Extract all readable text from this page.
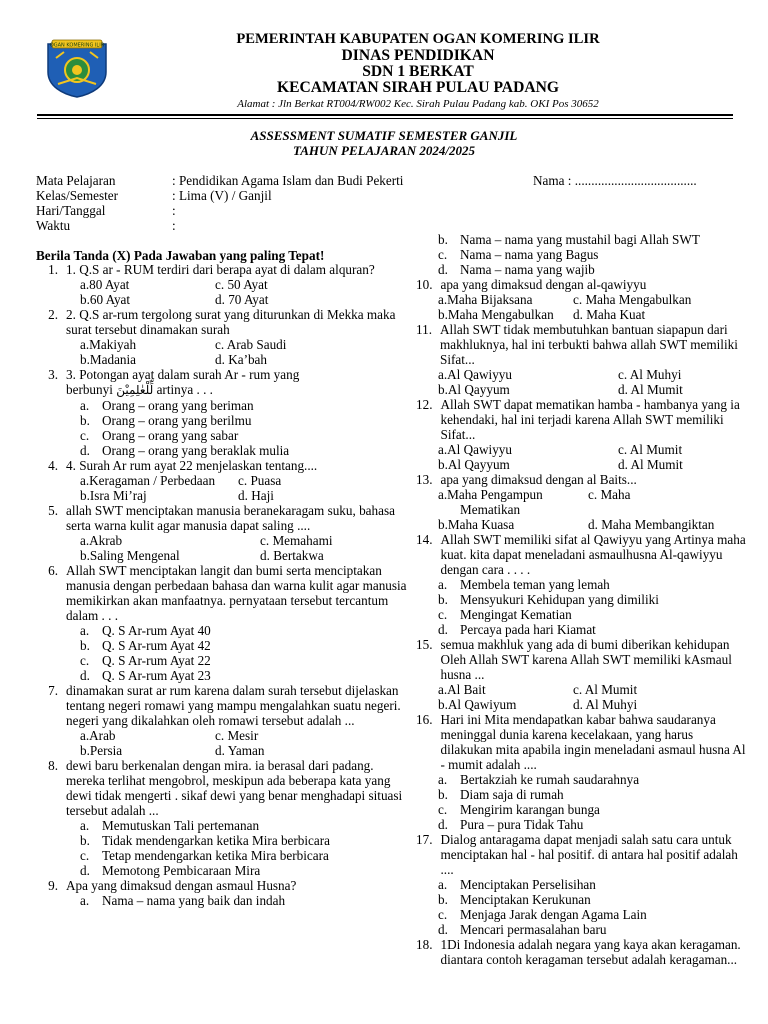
OGAN KOMERING ILIR	PEMERINTAH KABUPATEN OGAN KOMERING ILIR
DINAS PENDIDIKAN
SDN 1 BERKAT
KECAMATAN SIRAH PULAU PADANG
Alamat : Jln Berkat RT004/RW002 Kec. Sirah Pulau Padang kab. OKI Pos 30652
ASSESSMENT SUMATIF SEMESTER GANJIL
TAHUN PELAJARAN 2024/2025
Mata Pelajaran	: Pendidikan Agama Islam dan Budi Pekerti
Kelas/Semester	: Lima (V) / Ganjil
Hari/Tanggal	:
Waktu	:
Nama : .....................................
Berila Tanda (X) Pada Jawaban yang paling Tepat!
1. 1. Q.S ar - RUM terdiri dari berapa ayat di dalam alquran?
a. 80 Ayat	c. 50 Ayat
b. 60 Ayat	d. 70 Ayat
2. 2. Q.S ar-rum tergolong surat yang diturunkan di Mekka maka surat tersebut dinamakan surah
a. Makiyah	c. Arab Saudi
b. Madania	d. Ka’bah
3. 3. Potongan ayat dalam surah Ar - rum yang
berbunyi لِّلْعٰلِمِيْنَ artinya . . .
a. Orang – orang yang beriman
b. Orang – orang yang berilmu
c. Orang – orang yang sabar
d. Orang – orang yang beraklak mulia
4. 4. Surah Ar rum ayat 22 menjelaskan tentang....
a. Keragaman / Perbedaan c. Puasa
b. Isra Mi’raj	d. Haji
5. allah SWT menciptakan manusia beranekaragam suku, bahasa serta warna kulit agar manusia dapat saling ....
a. Akrab	c. Memahami
b. Saling Mengenal	d. Bertakwa
6. Allah SWT menciptakan langit dan bumi serta menciptakan manusia dengan perbedaan bahasa dan warna kulit agar manusia memikirkan akan manfaatnya. pernyataan tersebut tercantum dalam . . .
a. Q. S Ar-rum Ayat 40
b. Q. S Ar-rum Ayat 42
c. Q. S Ar-rum Ayat 22
d. Q. S Ar-rum Ayat 23
7. dinamakan surat ar rum karena dalam surah tersebut dijelaskan tentang negeri romawi yang mampu mengalahkan suatu negeri. negeri yang dikalahkan oleh romawi tersebut adalah ...
a. Arab	c. Mesir
b. Persia	d. Yaman
8. dewi baru berkenalan dengan mira. ia berasal dari padang. mereka terlihat mengobrol, meskipun ada beberapa kata yang dewi tidak mengerti . sikaf dewi yang benar menghadapi situasi tersebut adalah ...
a. Memutuskan Tali pertemanan
b. Tidak mendengarkan ketika Mira berbicara
c. Tetap mendengarkan ketika Mira berbicara
d. Memotong Pembicaraan Mira
9. Apa yang dimaksud dengan asmaul Husna?
a. Nama – nama yang baik dan indah
b. Nama – nama yang mustahil bagi Allah SWT
c. Nama – nama yang Bagus
d. Nama – nama yang wajib
10. apa yang dimaksud dengan al-qawiyyu
a. Maha Bijaksana	c. Maha Mengabulkan
b. Maha Mengabulkan d. Maha Kuat
11. Allah SWT tidak membutuhkan bantuan siapapun dari makhluknya, hal ini terbukti bahwa allah SWT memiliki Sifat...
a. Al Qawiyyu	c. Al Muhyi
b. Al Qayyum	d. Al Mumit
12. Allah SWT dapat mematikan hamba - hambanya yang ia kehendaki, hal ini terjadi karena Allah SWT memiliki Sifat...
a. Al Qawiyyu	c. Al Mumit
b. Al Qayyum	d. Al Mumit
13. apa yang dimaksud dengan al Baits...
a. Maha Pengampun	c. Maha
Mematikan
b. Maha Kuasa	d. Maha Membangiktan
14. Allah SWT memiliki sifat al Qawiyyu yang Artinya maha kuat. kita dapat meneladani asmaulhusna Al-qawiyyu dengan cara . . . .
a. Membela teman yang lemah
b. Mensyukuri Kehidupan yang dimiliki
c. Mengingat Kematian
d. Percaya pada hari Kiamat
15. semua makhluk yang ada di bumi diberikan kehidupan Oleh Allah SWT karena Allah SWT memiliki kAsmaul husna ...
a. Al Bait	c. Al Mumit
b. Al Qawiyum	d. Al Muhyi
16. Hari ini Mita mendapatkan kabar bahwa saudaranya meninggal dunia karena kecelakaan, yang harus dilakukan mita apabila ingin meneladani asmaul husna Al - mumit adalah ....
a. Bertakziah ke rumah saudarahnya
b. Diam saja di rumah
c. Mengirim karangan bunga
d. Pura – pura Tidak Tahu
17. Dialog antaragama dapat menjadi salah satu cara untuk menciptakan hal - hal positif. di antara hal positif adalah ....
a. Menciptakan Perselisihan
b. Menciptakan Kerukunan
c. Menjaga Jarak dengan Agama Lain
d. Mencari permasalahan baru
18. 1Di Indonesia adalah negara yang kaya akan keragaman. diantara contoh keragaman tersebut adalah keragaman...
